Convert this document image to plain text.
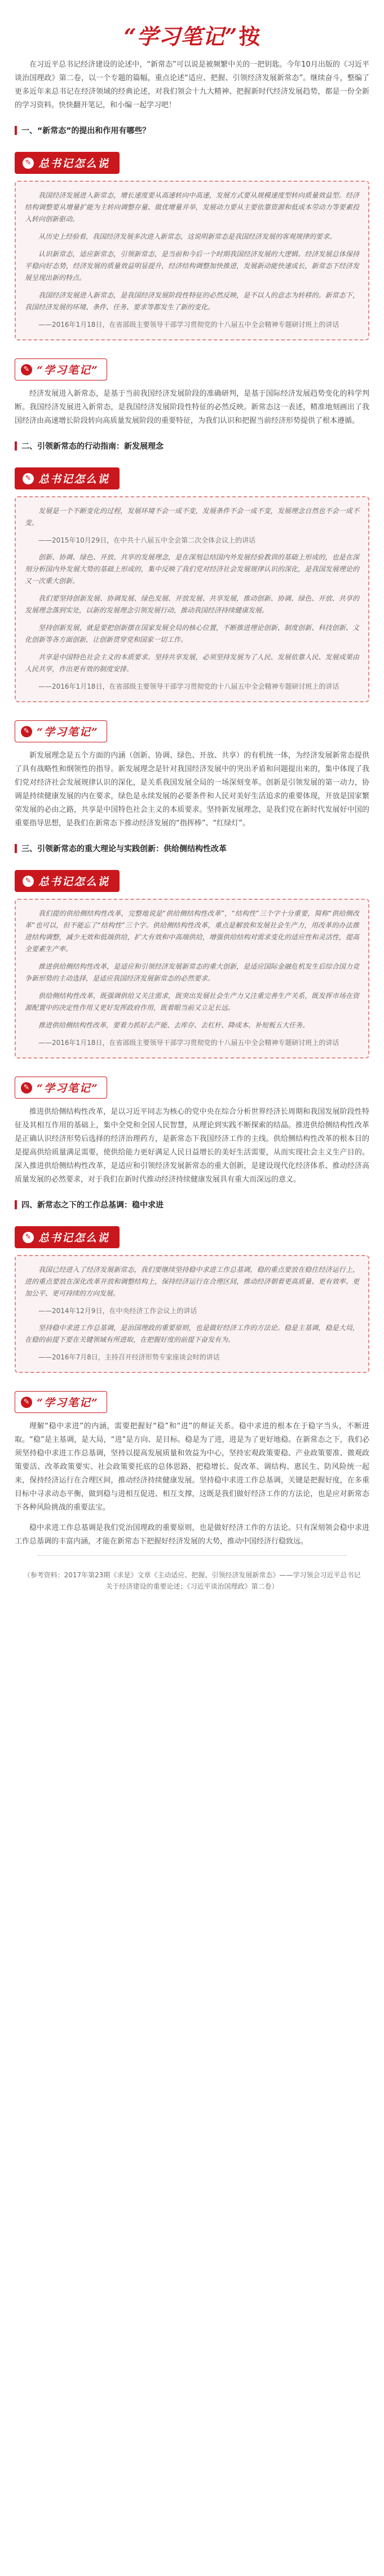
“学习笔记” 按

在习近平总书记经济建设的论述中，“新常态”可以说是被频繁中关的一把钥匙。今年10月出版的《习近平谈治国理政》第二卷，以一个专题的篇幅，重点论述“适应、把握、引领经济发展新常态”。继续奋斗，整编了更多近年来总书记在经济领域的经典论述，对我们领会十九大精神、把握新时代经济发展趋势，都是一份全新的学习资料。快快翻开笔记，和小编一起学习吧！

一、“新常态”的提出和作用有哪些？
✎ 总书记怎么说

我国经济发展进入新常态，增长速度要从高速转向中高速，发展方式要从规模速度型转向质量效益型。经济结构调整要从增量扩能为主转向调整存量、做优增量并举，发展动力要从主要依靠资源和低成本劳动力等要素投入转向创新驱动。

从历史上经验看，我国经济发展多次进入新常态，这说明新常态是我国经济发展的客观规律的要求。

认识新常态，适应新常态，引领新常态，是当前和今后一个时期我国经济发展的大逻辑。经济发展总体保持平稳向好态势，经济发展的质量效益明显提升，经济结构调整加快推进，发展新动能快速成长，新常态下经济发展呈现出新的特点。

我国经济发展进入新常态，是我国经济发展阶段性特征的必然反映，是不以人的意志为转移的。新常态下，我国经济发展的环境、条件、任务、要求等都发生了新的变化。

——2016年1月18日，在省部级主要领导干部学习贯彻党的十八届五中全会精神专题研讨班上的讲话

✎ “学习笔记”

经济发展进入新常态，是基于当前我国经济发展阶段的准确研判，是基于国际经济发展趋势变化的科学判断。我国经济发展进入新常态，是我国经济发展阶段性特征的必然反映。新常态这一表述，精准地刻画出了我国经济由高速增长阶段转向高质量发展阶段的重要特征，为我们认识和把握当前经济形势提供了根本遵循。

二、引领新常态的行动指南：新发展理念
✎ 总书记怎么说

发展是一个不断变化的过程，发展环境不会一成不变，发展条件不会一成不变，发展理念自然也不会一成不变。

——2015年10月29日，在中共十八届五中全会第二次全体会议上的讲话

创新、协调、绿色、开放、共享的发展理念，是在深刻总结国内外发展经验教训的基础上形成的，也是在深刻分析国内外发展大势的基础上形成的，集中反映了我们党对经济社会发展规律认识的深化，是我国发展理论的又一次重大创新。

我们要坚持创新发展、协调发展、绿色发展、开放发展、共享发展，推动创新、协调、绿色、开放、共享的发展理念落到实处，以新的发展理念引领发展行动，推动我国经济持续健康发展。

坚持创新发展，就是要把创新摆在国家发展全局的核心位置，不断推进理论创新、制度创新、科技创新、文化创新等各方面创新，让创新贯穿党和国家一切工作。

共享是中国特色社会主义的本质要求。坚持共享发展，必须坚持发展为了人民、发展依靠人民、发展成果由人民共享，作出更有效的制度安排。

——2016年1月18日，在省部级主要领导干部学习贯彻党的十八届五中全会精神专题研讨班上的讲话

✎ “学习笔记”

新发展理念是五个方面的内涵（创新、协调、绿色、开放、共享）的有机统一体，为经济发展新常态提供了具有战略性和纲领性的指导。新发展理念是针对我国经济发展中的突出矛盾和问题提出来的，集中体现了我们党对经济社会发展规律认识的深化，是关系我国发展全局的一场深刻变革。创新是引领发展的第一动力，协调是持续健康发展的内在要求，绿色是永续发展的必要条件和人民对美好生活追求的重要体现，开放是国家繁荣发展的必由之路，共享是中国特色社会主义的本质要求。坚持新发展理念，是我们党在新时代发展好中国的重要指导思想，是我们在新常态下推动经济发展的“指挥棒”、“红绿灯”。

三、引领新常态的重大理论与实践创新：供给侧结构性改革
✎ 总书记怎么说

我们提的供给侧结构性改革，完整地说是“供给侧结构性改革”，“结构性”三个字十分重要，简称“供给侧改革”也可以，但不能忘了“结构性”三个字。供给侧结构性改革，重点是解放和发展社会生产力，用改革的办法推进结构调整，减少无效和低端供给，扩大有效和中高端供给，增强供给结构对需求变化的适应性和灵活性，提高全要素生产率。

推进供给侧结构性改革，是适应和引领经济发展新常态的重大创新，是适应国际金融危机发生后综合国力竞争新形势的主动选择，是适应我国经济发展新常态的必然要求。

供给侧结构性改革，既强调供给又关注需求，既突出发展社会生产力又注重完善生产关系，既发挥市场在资源配置中的决定性作用又更好发挥政府作用，既着眼当前又立足长远。

推进供给侧结构性改革，要着力抓好去产能、去库存、去杠杆、降成本、补短板五大任务。

——2016年1月18日，在省部级主要领导干部学习贯彻党的十八届五中全会精神专题研讨班上的讲话

✎ “学习笔记”

推进供给侧结构性改革，是以习近平同志为核心的党中央在综合分析世界经济长周期和我国发展阶段性特征及其相互作用的基础上，集中全党和全国人民智慧，从理论到实践不断探索的结晶。推进供给侧结构性改革是正确认识经济形势后选择的经济治理药方，是新常态下我国经济工作的主线。供给侧结构性改革的根本目的是提高供给质量满足需要，使供给能力更好满足人民日益增长的美好生活需要，从而实现社会主义生产目的。深入推进供给侧结构性改革，是适应和引领经济发展新常态的重大创新，是建设现代化经济体系、推动经济高质量发展的必然要求，对于我们在新时代推动经济持续健康发展具有重大而深远的意义。

四、新常态之下的工作总基调：稳中求进
✎ 总书记怎么说

我国已经进入了经济发展新常态，我们要继续坚持稳中求进工作总基调，稳的重点要放在稳住经济运行上，进的重点要放在深化改革开放和调整结构上，保持经济运行在合理区间，推动经济朝着更高质量、更有效率、更加公平、更可持续的方向发展。

——2014年12月9日，在中央经济工作会议上的讲话

坚持稳中求进工作总基调，是治国理政的重要原则，也是做好经济工作的方法论。稳是主基调，稳是大局，在稳的前提下要在关键领域有所进取，在把握好度的前提下奋发有为。

——2016年7月8日，主持召开经济形势专家座谈会时的讲话

✎ “学习笔记”

理解“稳中求进”的内涵，需要把握好“稳”和“进”的辩证关系。稳中求进的根本在于稳字当头，不断进取。“稳”是主基调，是大局，“进”是方向、是目标。稳是为了进，进是为了更好地稳。在新常态之下，我们必须坚持稳中求进工作总基调，坚持以提高发展质量和效益为中心，坚持宏观政策要稳、产业政策要准、微观政策要活、改革政策要实、社会政策要托底的总体思路，把稳增长、促改革、调结构、惠民生、防风险统一起来，保持经济运行在合理区间，推动经济持续健康发展。坚持稳中求进工作总基调，关键是把握好度，在多重目标中寻求动态平衡，做到稳与进相互促进、相互支撑，这既是我们做好经济工作的方法论，也是应对新常态下各种风险挑战的重要法宝。

稳中求进工作总基调是我们党治国理政的重要原则，也是做好经济工作的方法论。只有深刻领会稳中求进工作总基调的丰富内涵，才能在新常态下把握好经济发展的大势，推动中国经济行稳致远。

（参考资料：2017年第23期《求是》文章《主动适应、把握、引领经济发展新常态》——学习领会习近平总书记关于经济建设的重要论述；《习近平谈治国理政》第二卷）
